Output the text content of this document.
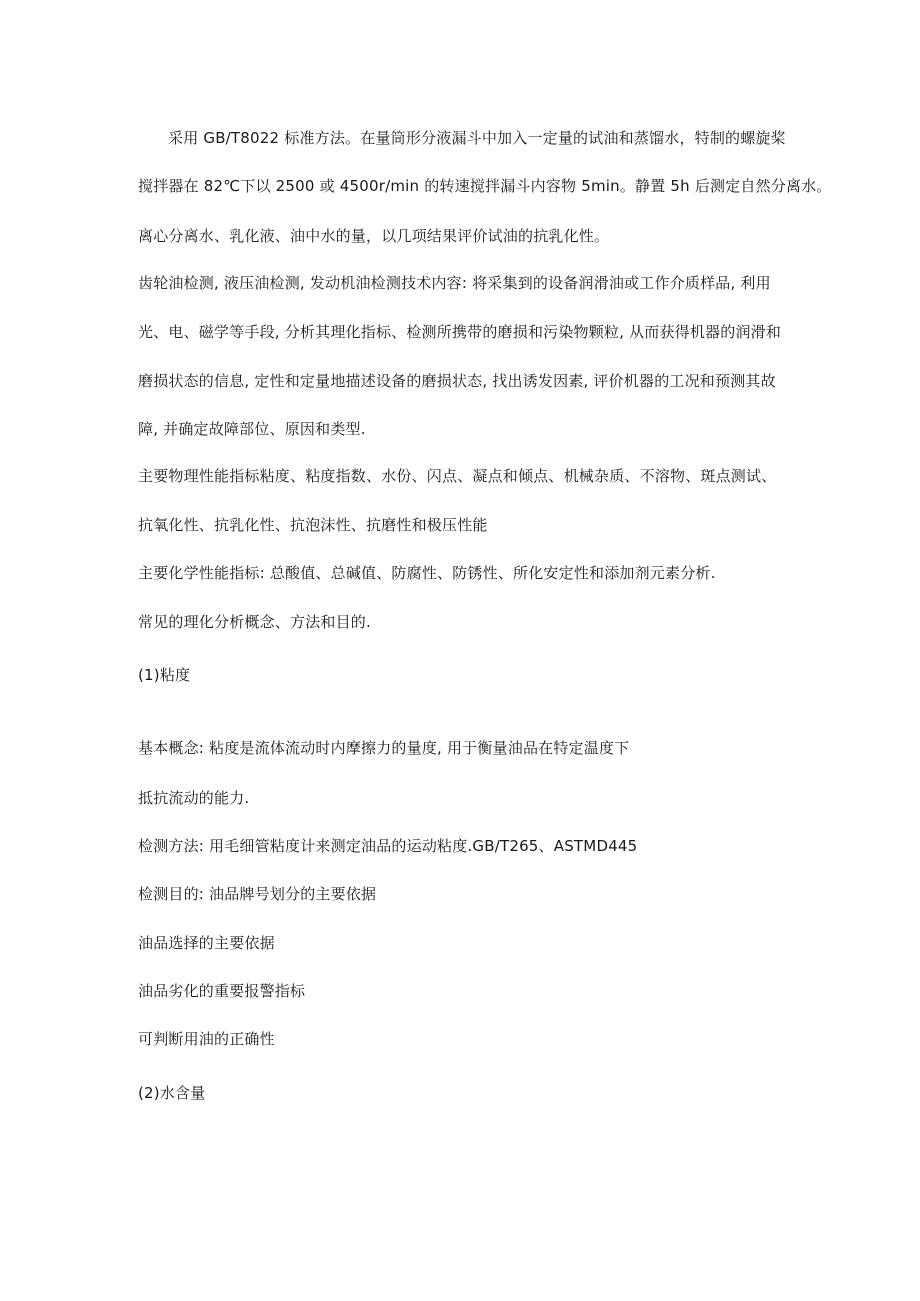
采用 GB/T8022 标准方法。在量筒形分液漏斗中加入一定量的试油和蒸馏水，特制的螺旋桨
搅拌器在 82℃下以 2500 或 4500r/min 的转速搅拌漏斗内容物 5min。静置 5h 后测定自然分离水。
离心分离水、乳化液、油中水的量，以几项结果评价试油的抗乳化性。
齿轮油检测, 液压油检测, 发动机油检测技术内容: 将采集到的设备润滑油或工作介质样品, 利用
光、电、磁学等手段, 分析其理化指标、检测所携带的磨损和污染物颗粒, 从而获得机器的润滑和
磨损状态的信息, 定性和定量地描述设备的磨损状态, 找出诱发因素, 评价机器的工况和预测其故
障, 并确定故障部位、原因和类型.
主要物理性能指标粘度、粘度指数、水份、闪点、凝点和倾点、机械杂质、不溶物、斑点测试、
抗氧化性、抗乳化性、抗泡沫性、抗磨性和极压性能
主要化学性能指标: 总酸值、总碱值、防腐性、防锈性、所化安定性和添加剂元素分析.
常见的理化分析概念、方法和目的.
(1)粘度
基本概念: 粘度是流体流动时内摩擦力的量度, 用于衡量油品在特定温度下
抵抗流动的能力.
检测方法: 用毛细管粘度计来测定油品的运动粘度.GB/T265、ASTMD445
检测目的: 油品牌号划分的主要依据
油品选择的主要依据
油品劣化的重要报警指标
可判断用油的正确性
(2)水含量
